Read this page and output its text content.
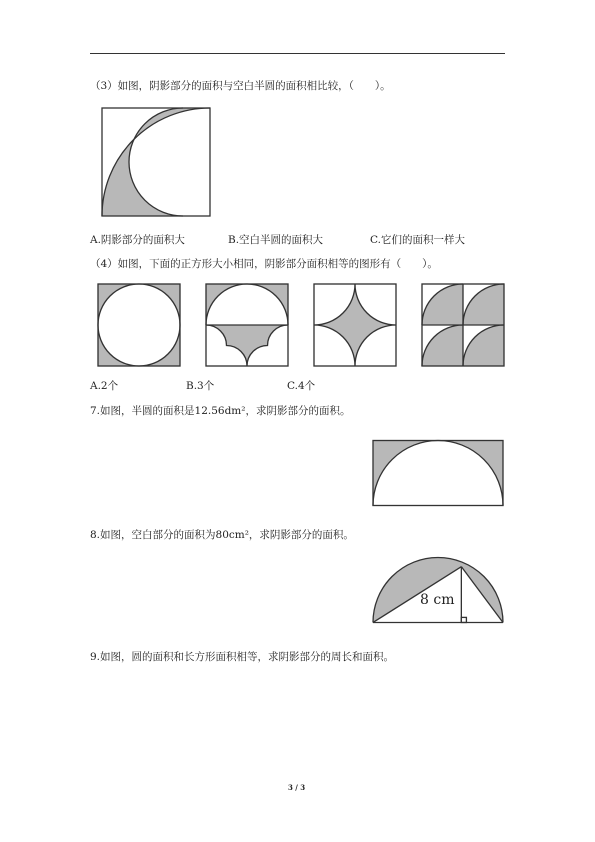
（3）如图，阴影部分的面积与空白半圆的面积相比较，（　　）。
A.阴影部分的面积大	B.空白半圆的面积大	C.它们的面积一样大
（4）如图，下面的正方形大小相同，阴影部分面积相等的图形有（　　）。
A.2个	B.3个	C.4个
7.如图，半圆的面积是12.56dm²，求阴影部分的面积。
8.如图，空白部分的面积为80cm²，求阴影部分的面积。
8 cm
9.如图，圆的面积和长方形面积相等，求阴影部分的周长和面积。
3 / 3
